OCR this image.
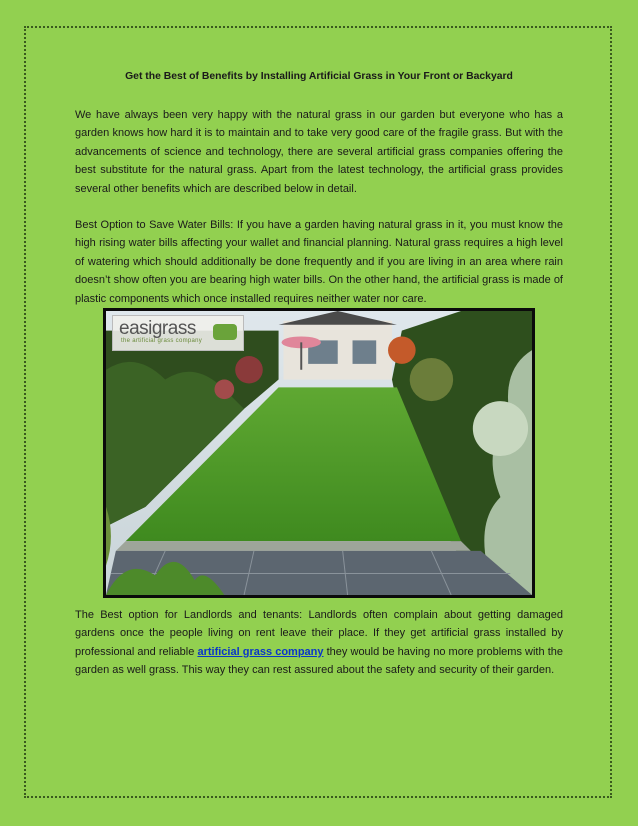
Get the Best of Benefits by Installing Artificial Grass in Your Front or Backyard

We have always been very happy with the natural grass in our garden but everyone who has a garden knows how hard it is to maintain and to take very good care of the fragile grass. But with the advancements of science and technology, there are several artificial grass companies offering the best substitute for the natural grass. Apart from the latest technology, the artificial grass provides several other benefits which are described below in detail.

Best Option to Save Water Bills: If you have a garden having natural grass in it, you must know the high rising water bills affecting your wallet and financial planning. Natural grass requires a high level of watering which should additionally be done frequently and if you are living in an area where rain doesn’t show often you are bearing high water bills. On the other hand, the artificial grass is made of plastic components which once installed requires neither water nor care.

easigrass
the artificial grass company

The Best option for Landlords and tenants: Landlords often complain about getting damaged gardens once the people living on rent leave their place. If they get artificial grass installed by professional and reliable artificial grass company they would be having no more problems with the garden as well grass. This way they can rest assured about the safety and security of their garden.
